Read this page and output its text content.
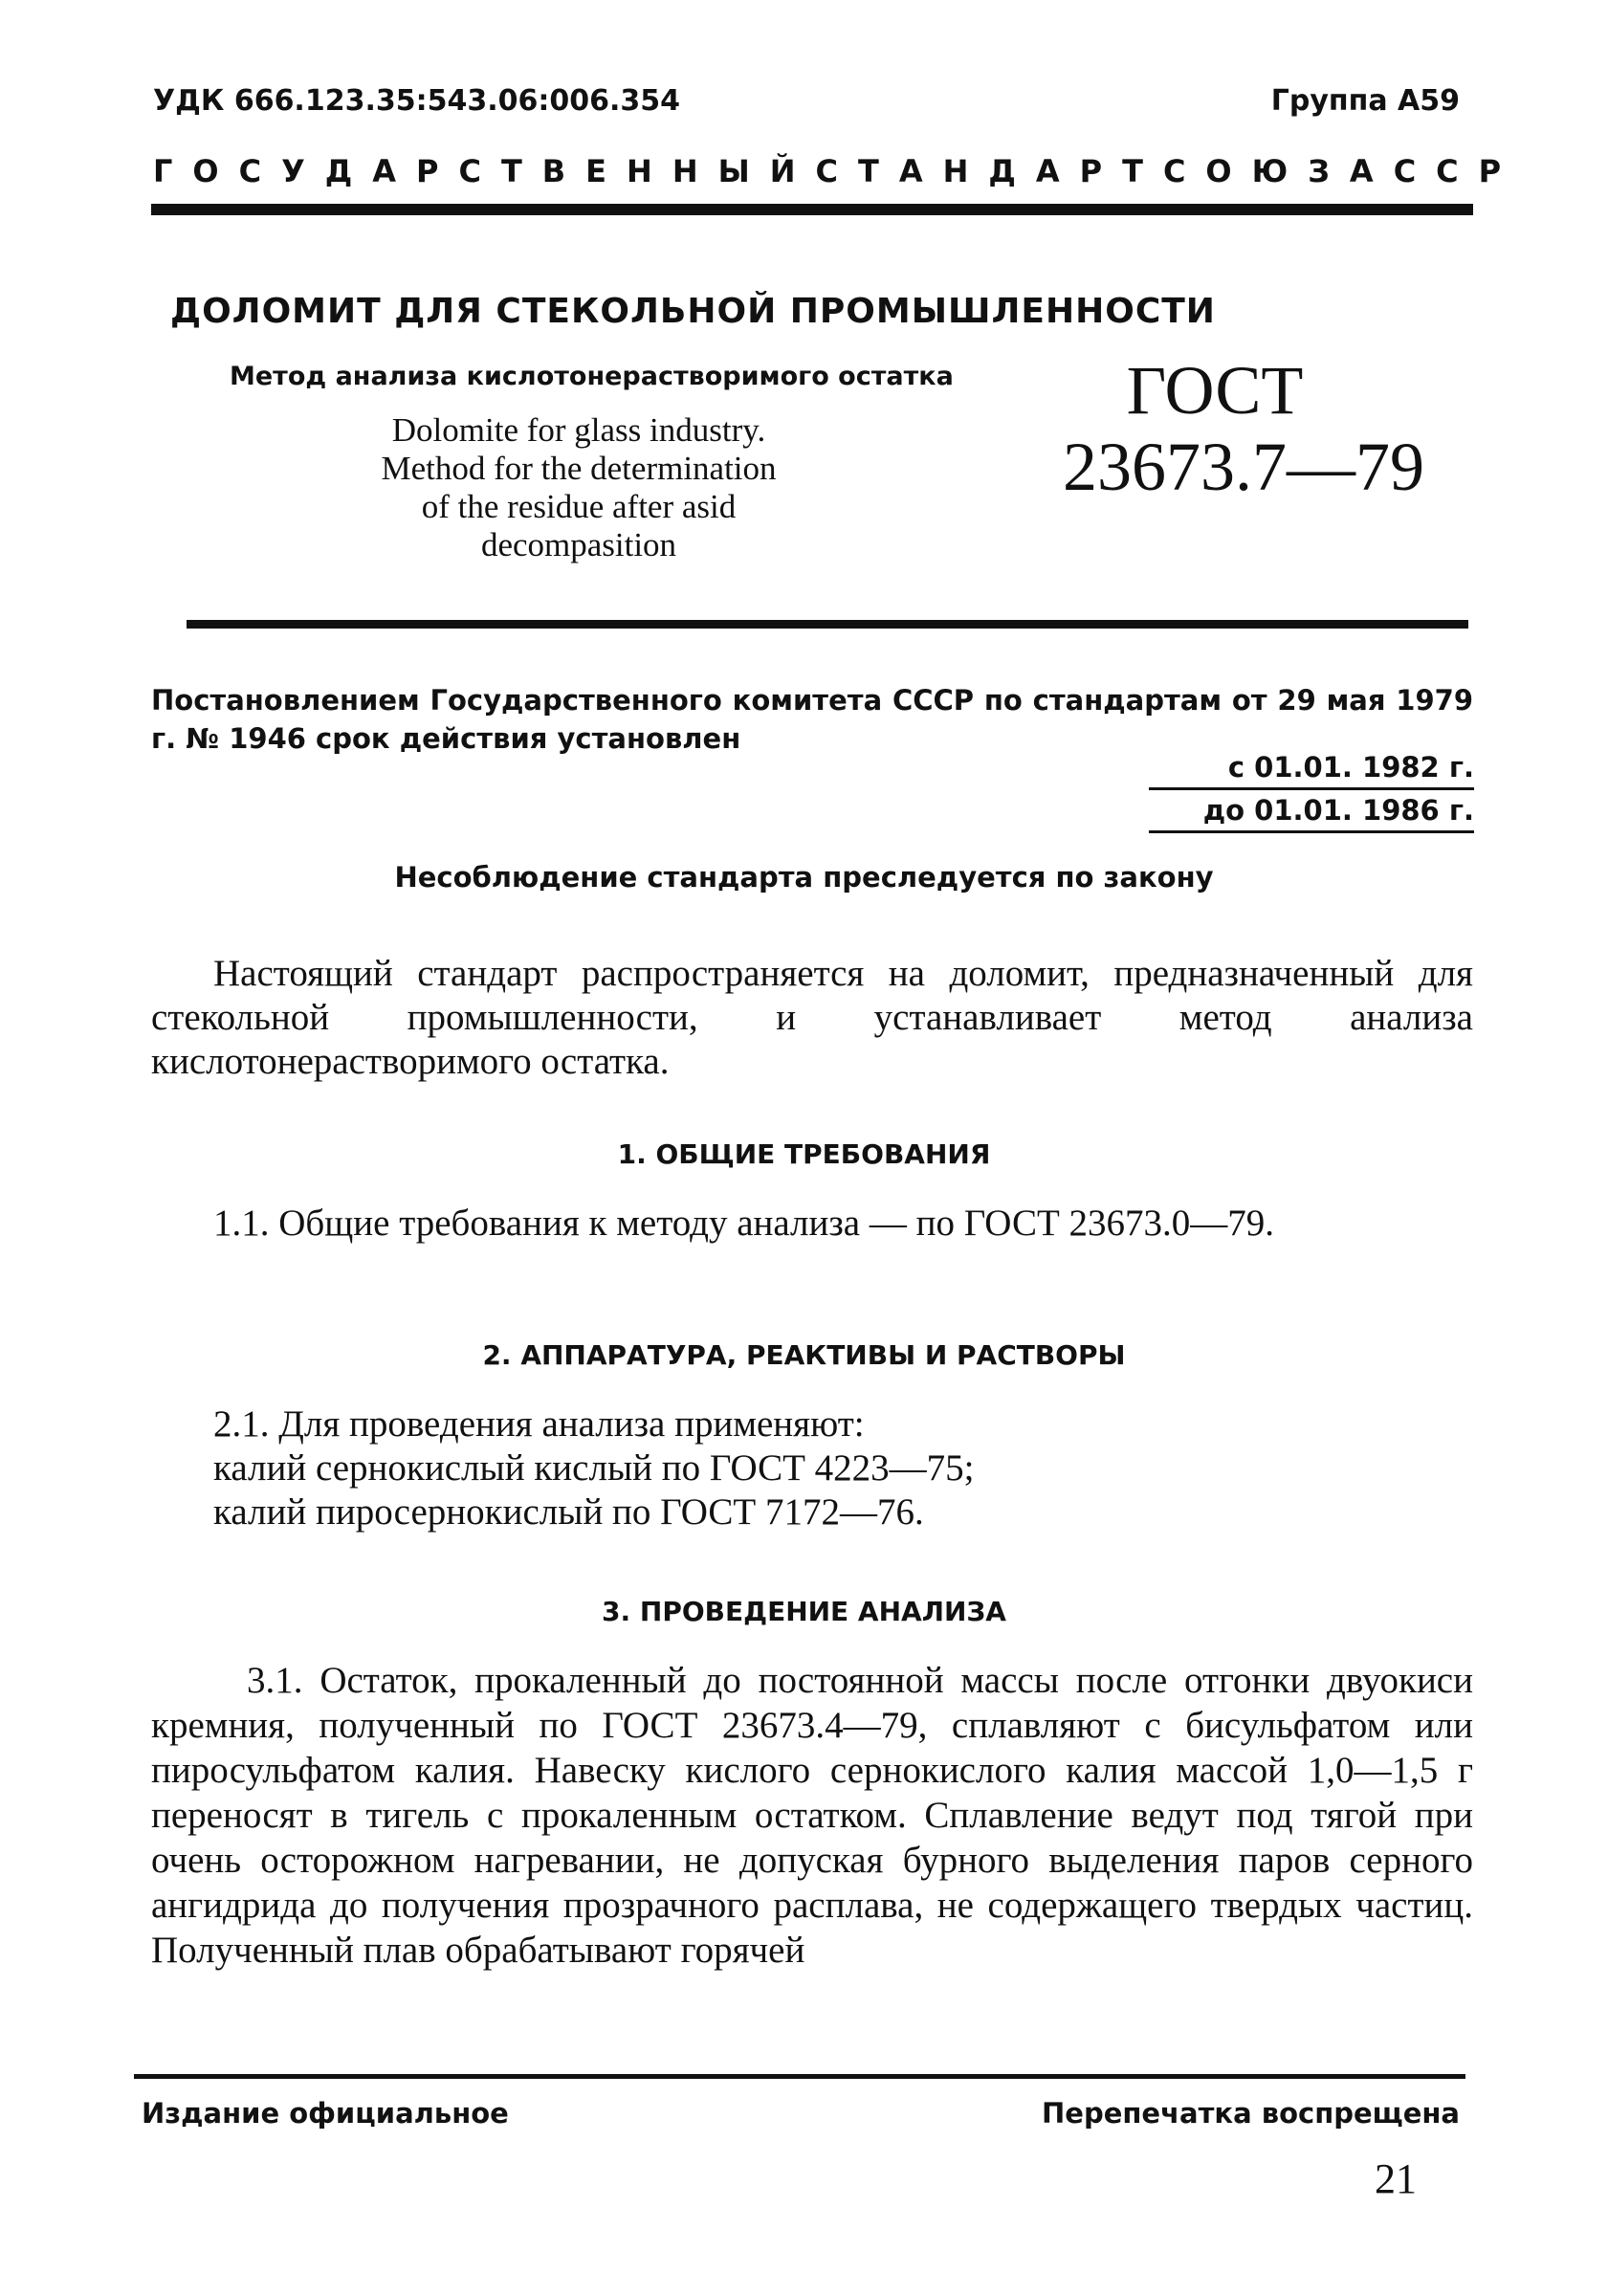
УДК 666.123.35:543.06:006.354	Группа А59
ГОСУДАРСТВЕННЫЙ СТАНДАРТ СОЮЗА ССР
ДОЛОМИТ ДЛЯ СТЕКОЛЬНОЙ ПРОМЫШЛЕННОСТИ
Метод анализа кислотонерастворимого остатка
Dolomite for glass industry.
Method for the determination
of the residue after asid
decompasition
ГОСТ
23673.7—79
Постановлением Государственного комитета СССР по стандартам от 29 мая 1979 г. № 1946 срок действия установлен
с 01.01. 1982 г.
до 01.01. 1986 г.
Несоблюдение стандарта преследуется по закону
Настоящий стандарт распространяется на доломит, предназначенный для стекольной промышленности, и устанавливает метод анализа кислотонерастворимого остатка.
1. ОБЩИЕ ТРЕБОВАНИЯ
1.1. Общие требования к методу анализа — по ГОСТ 23673.0—79.
2. АППАРАТУРА, РЕАКТИВЫ И РАСТВОРЫ
2.1. Для проведения анализа применяют:
калий сернокислый кислый по ГОСТ 4223—75;
калий пиросернокислый по ГОСТ 7172—76.
3. ПРОВЕДЕНИЕ АНАЛИЗА
3.1. Остаток, прокаленный до постоянной массы после отгонки двуокиси кремния, полученный по ГОСТ 23673.4—79, сплавляют с бисульфатом или пиросульфатом калия. Навеску кислого сернокислого калия массой 1,0—1,5 г переносят в тигель с прокаленным остатком. Сплавление ведут под тягой при очень осторожном нагревании, не допуская бурного выделения паров серного ангидрида до получения прозрачного расплава, не содержащего твердых частиц. Полученный плав обрабатывают горячей
Издание официальное	Перепечатка воспрещена
21
